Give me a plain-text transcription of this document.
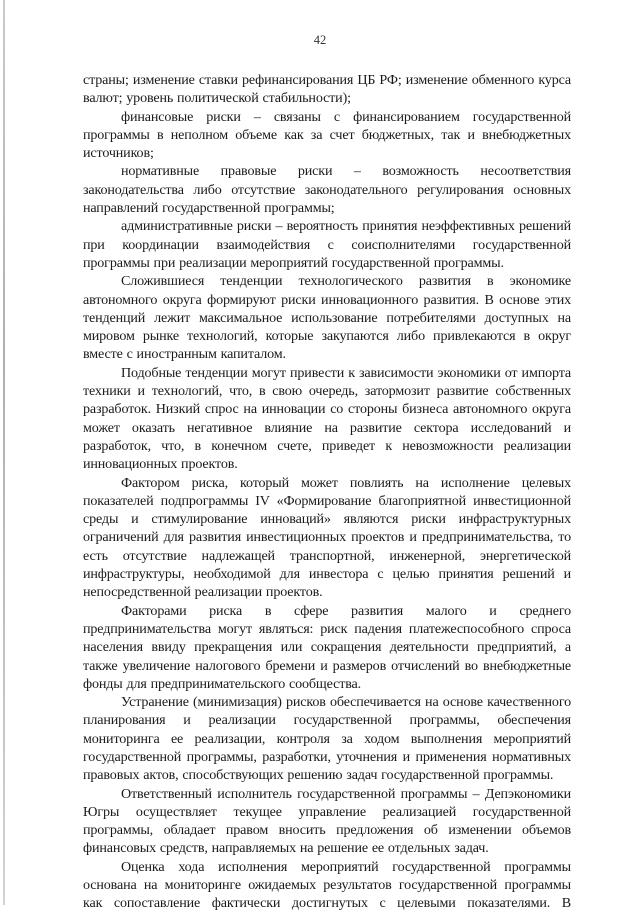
42

страны; изменение ставки рефинансирования ЦБ РФ; изменение обменного курса валют; уровень политической стабильности);

финансовые риски – связаны с финансированием государственной программы в неполном объеме как за счет бюджетных, так и внебюджетных источников;

нормативные правовые риски – возможность несоответствия законодательства либо отсутствие законодательного регулирования основных направлений государственной программы;

административные риски – вероятность принятия неэффективных решений при координации взаимодействия с соисполнителями государственной программы при реализации мероприятий государственной программы.

Сложившиеся тенденции технологического развития в экономике автономного округа формируют риски инновационного развития. В основе этих тенденций лежит максимальное использование потребителями доступных на мировом рынке технологий, которые закупаются либо привлекаются в округ вместе с иностранным капиталом.

Подобные тенденции могут привести к зависимости экономики от импорта техники и технологий, что, в свою очередь, затормозит развитие собственных разработок. Низкий спрос на инновации со стороны бизнеса автономного округа может оказать негативное влияние на развитие сектора исследований и разработок, что, в конечном счете, приведет к невозможности реализации инновационных проектов.

Фактором риска, который может повлиять на исполнение целевых показателей подпрограммы IV «Формирование благоприятной инвестиционной среды и стимулирование инноваций» являются риски инфраструктурных ограничений для развития инвестиционных проектов и предпринимательства, то есть отсутствие надлежащей транспортной, инженерной, энергетической инфраструктуры, необходимой для инвестора с целью принятия решений и непосредственной реализации проектов.

Факторами риска в сфере развития малого и среднего предпринимательства могут являться: риск падения платежеспособного спроса населения ввиду прекращения или сокращения деятельности предприятий, а также увеличение налогового бремени и размеров отчислений во внебюджетные фонды для предпринимательского сообщества.

Устранение (минимизация) рисков обеспечивается на основе качественного планирования и реализации государственной программы, обеспечения мониторинга ее реализации, контроля за ходом выполнения мероприятий государственной программы, разработки, уточнения и применения нормативных правовых актов, способствующих решению задач государственной программы.

Ответственный исполнитель государственной программы – Депэкономики Югры осуществляет текущее управление реализацией государственной программы, обладает правом вносить предложения об изменении объемов финансовых средств, направляемых на решение ее отдельных задач.

Оценка хода исполнения мероприятий государственной программы основана на мониторинге ожидаемых результатов государственной программы как сопоставление фактически достигнутых с целевыми показателями. В
